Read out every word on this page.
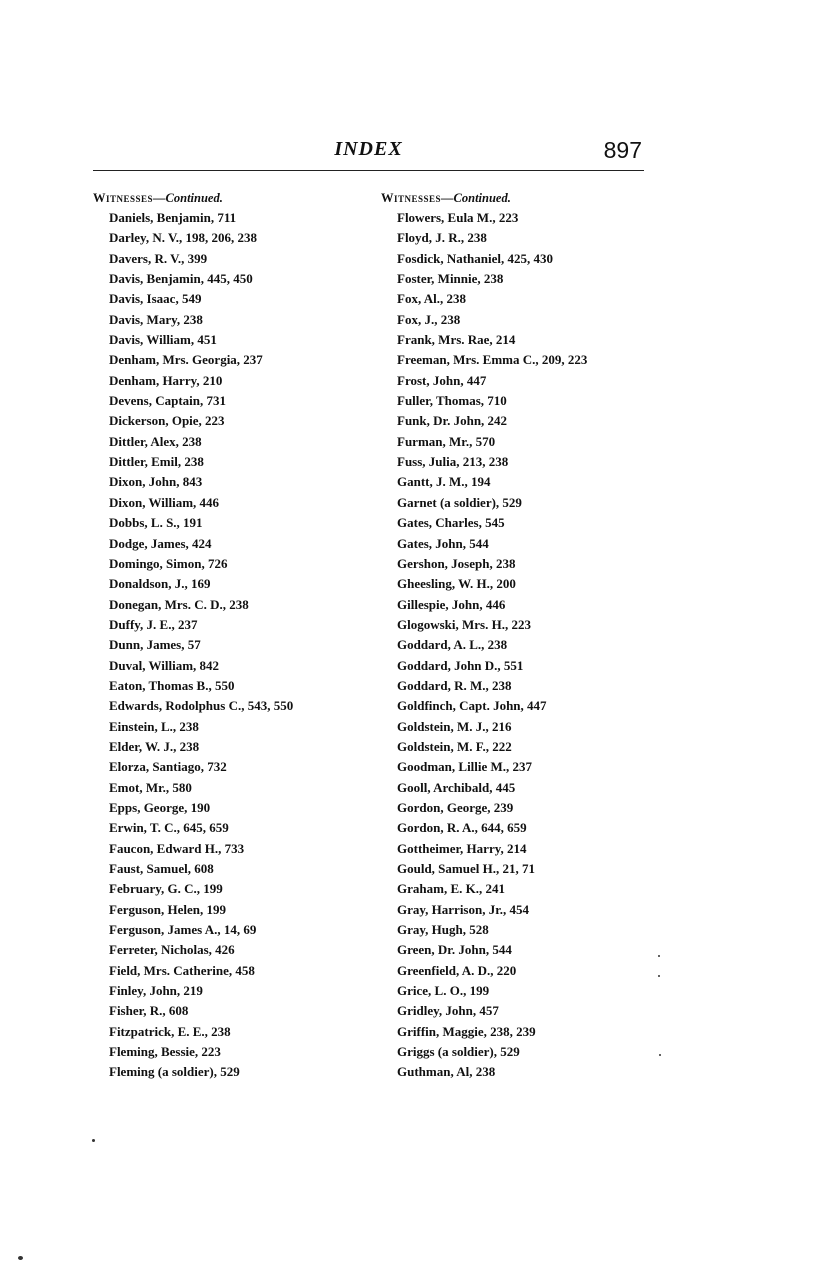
INDEX	897
Witnesses—Continued.
Daniels, Benjamin, 711
Darley, N. V., 198, 206, 238
Davers, R. V., 399
Davis, Benjamin, 445, 450
Davis, Isaac, 549
Davis, Mary, 238
Davis, William, 451
Denham, Mrs. Georgia, 237
Denham, Harry, 210
Devens, Captain, 731
Dickerson, Opie, 223
Dittler, Alex, 238
Dittler, Emil, 238
Dixon, John, 843
Dixon, William, 446
Dobbs, L. S., 191
Dodge, James, 424
Domingo, Simon, 726
Donaldson, J., 169
Donegan, Mrs. C. D., 238
Duffy, J. E., 237
Dunn, James, 57
Duval, William, 842
Eaton, Thomas B., 550
Edwards, Rodolphus C., 543, 550
Einstein, L., 238
Elder, W. J., 238
Elorza, Santiago, 732
Emot, Mr., 580
Epps, George, 190
Erwin, T. C., 645, 659
Faucon, Edward H., 733
Faust, Samuel, 608
February, G. C., 199
Ferguson, Helen, 199
Ferguson, James A., 14, 69
Ferreter, Nicholas, 426
Field, Mrs. Catherine, 458
Finley, John, 219
Fisher, R., 608
Fitzpatrick, E. E., 238
Fleming, Bessie, 223
Fleming (a soldier), 529
Witnesses—Continued.
Flowers, Eula M., 223
Floyd, J. R., 238
Fosdick, Nathaniel, 425, 430
Foster, Minnie, 238
Fox, Al., 238
Fox, J., 238
Frank, Mrs. Rae, 214
Freeman, Mrs. Emma C., 209, 223
Frost, John, 447
Fuller, Thomas, 710
Funk, Dr. John, 242
Furman, Mr., 570
Fuss, Julia, 213, 238
Gantt, J. M., 194
Garnet (a soldier), 529
Gates, Charles, 545
Gates, John, 544
Gershon, Joseph, 238
Gheesling, W. H., 200
Gillespie, John, 446
Glogowski, Mrs. H., 223
Goddard, A. L., 238
Goddard, John D., 551
Goddard, R. M., 238
Goldfinch, Capt. John, 447
Goldstein, M. J., 216
Goldstein, M. F., 222
Goodman, Lillie M., 237
Gooll, Archibald, 445
Gordon, George, 239
Gordon, R. A., 644, 659
Gottheimer, Harry, 214
Gould, Samuel H., 21, 71
Graham, E. K., 241
Gray, Harrison, Jr., 454
Gray, Hugh, 528
Green, Dr. John, 544
Greenfield, A. D., 220
Grice, L. O., 199
Gridley, John, 457
Griffin, Maggie, 238, 239
Griggs (a soldier), 529
Guthman, Al, 238
